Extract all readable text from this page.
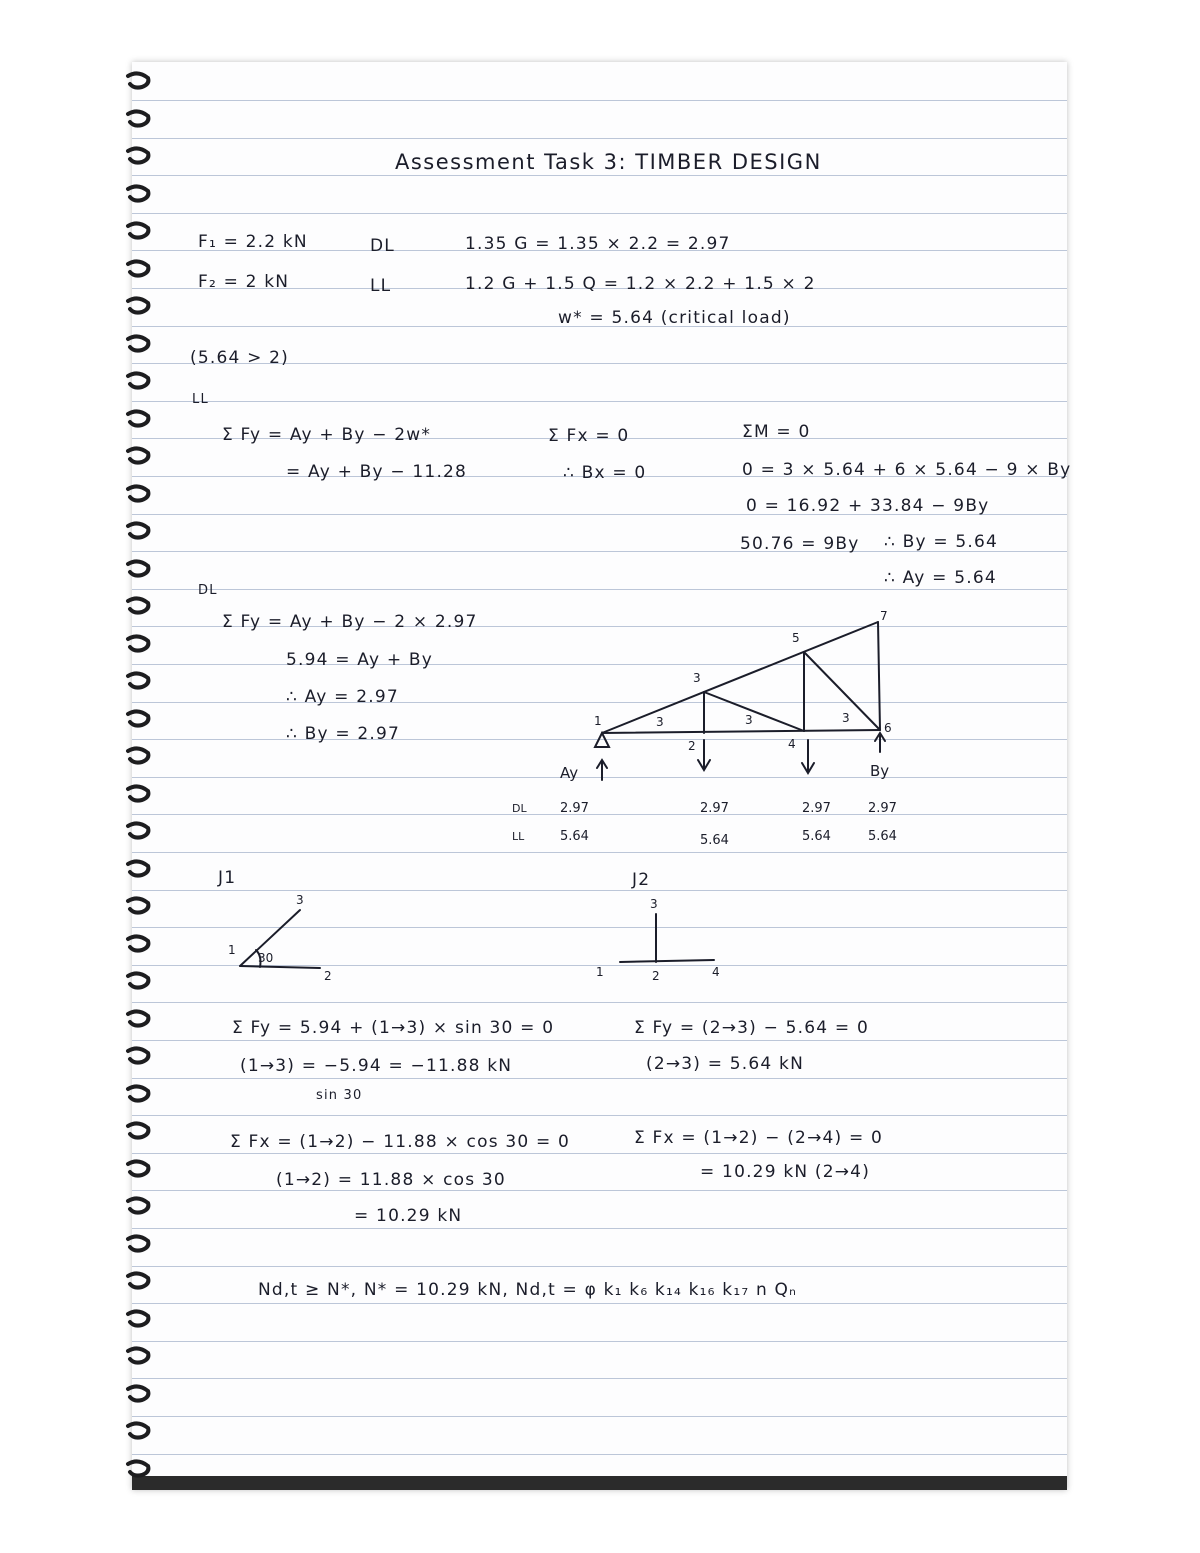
Assessment Task 3: TIMBER DESIGN
F₁ = 2.2 kN	DL	1.35 G = 1.35 × 2.2 = 2.97
F₂ = 2 kN	LL	1.2 G + 1.5 Q = 1.2 × 2.2 + 1.5 × 2
w* = 5.64 (critical load)
(5.64 > 2)
LL
Σ Fy = Ay + By − 2w*
= Ay + By − 11.28
Σ Fx = 0
∴ Bx = 0
ΣM = 0
0 = 3 × 5.64 + 6 × 5.64 − 9 × By
0 = 16.92 + 33.84 − 9By
50.76 = 9By ∴ By = 5.64
∴ Ay = 5.64
DL
Σ Fy = Ay + By − 2 × 2.97
5.94 = Ay + By
∴ Ay = 2.97
∴ By = 2.97
1
2
3
4
5
6
7
3	3	3
Ay	By
DL	2.97	2.97	2.97	2.97
LL	5.64	5.64	5.64	5.64
J1
1
2
3
30
J2
1	2
3
4
Σ Fy = 5.94 + (1→3) × sin 30 = 0
(1→3) = −5.94 = −11.88 kN
sin 30
Σ Fx = (1→2) − 11.88 × cos 30 = 0
(1→2) = 11.88 × cos 30
= 10.29 kN
Σ Fy = (2→3) − 5.64 = 0
(2→3) = 5.64 kN
Σ Fx = (1→2) − (2→4) = 0
= 10.29 kN (2→4)
Nd,t ≥ N*, N* = 10.29 kN, Nd,t = φ k₁ k₆ k₁₄ k₁₆ k₁₇ n Qₙ
